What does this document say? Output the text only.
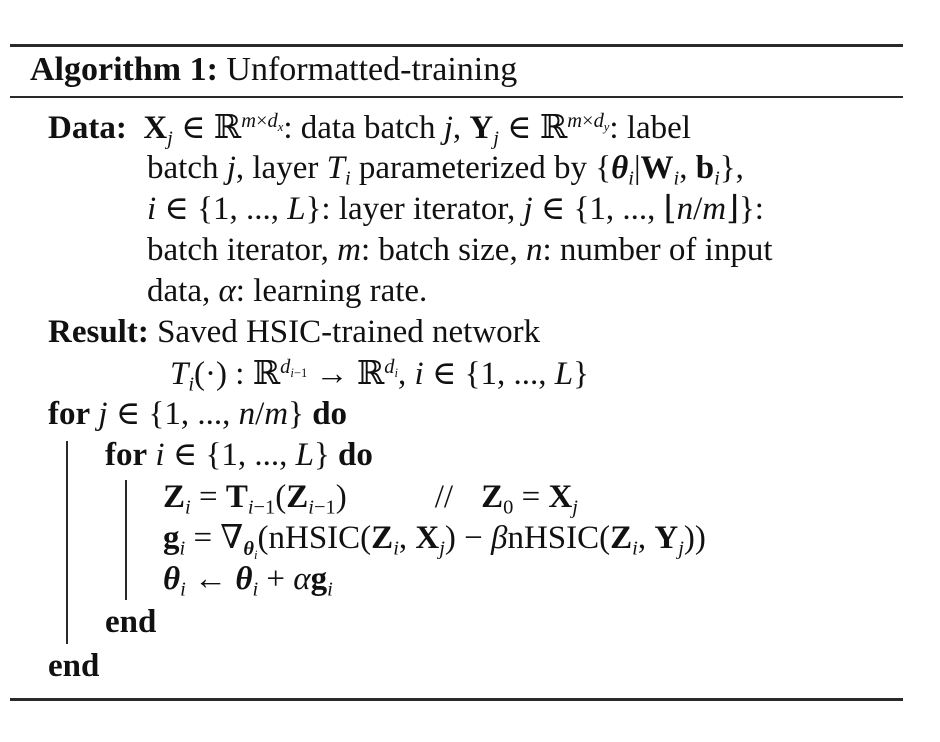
Algorithm 1: Unformatted-training
Data: $X_j$ ∈ ℝ$^{m\times d_x}$: data batch j, $Y_j$ ∈ ℝ$^{m\times d_y}$: label
batch j, layer $T_i$ parameterized by {$\theta_i|W_i$, $b_i$},
i ∈ {1, ..., L}: layer iterator, j ∈ {1, ..., ⌊n/m⌋}:
batch iterator, m: batch size, n: number of input
data, α: learning rate.
Result: Saved HSIC-trained network
$T_i(\cdot)$ : ℝ$^{d_{i-1}}$ → ℝ$^{d_i}$, i ∈ {1, ..., L}
for j ∈ {1, ..., n/m} do
for i ∈ {1, ..., L} do
$Z_i = T_{i-1}(Z_{i-1})$	// $Z_0 = X_j$
$g_i$ = $\nabla_{\theta_i}(nHSIC(Z_i$, $X_j$) − $\beta nHSIC(Z_i$, $Y_j$))
$\theta_i$ ← $\theta_i + \alpha g_i$
end
end
